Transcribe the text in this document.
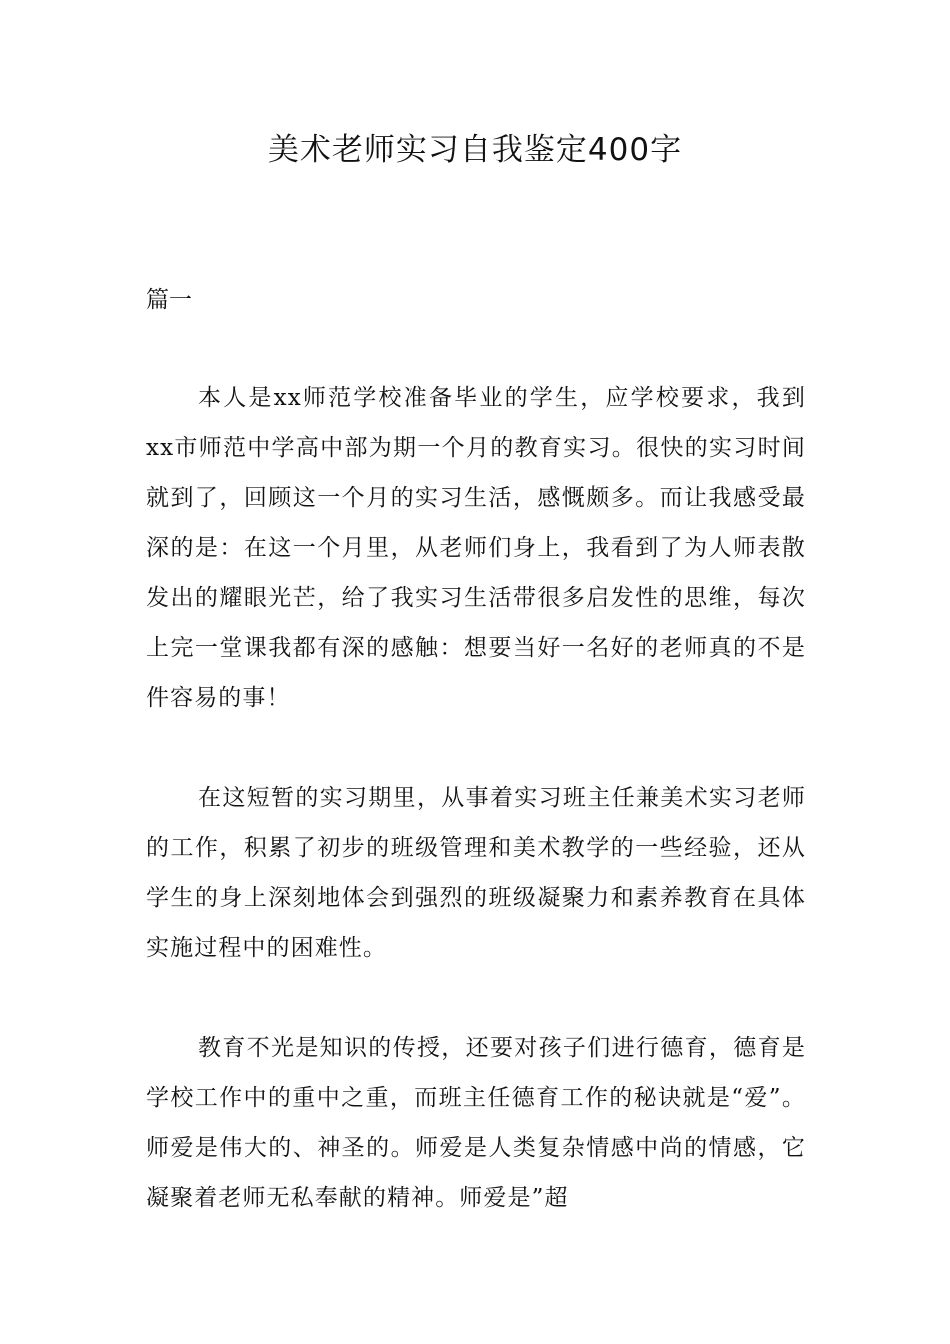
美术老师实习自我鉴定400字
篇一

本人是xx师范学校准备毕业的学生，应学校要求，我到xx市师范中学高中部为期一个月的教育实习。很快的实习时间就到了，回顾这一个月的实习生活，感慨颇多。而让我感受最深的是：在这一个月里，从老师们身上，我看到了为人师表散发出的耀眼光芒，给了我实习生活带很多启发性的思维，每次上完一堂课我都有深的感触：想要当好一名好的老师真的不是件容易的事！

在这短暂的实习期里，从事着实习班主任兼美术实习老师的工作，积累了初步的班级管理和美术教学的一些经验，还从学生的身上深刻地体会到强烈的班级凝聚力和素养教育在具体实施过程中的困难性。

教育不光是知识的传授，还要对孩子们进行德育，德育是学校工作中的重中之重，而班主任德育工作的秘诀就是“爱”。师爱是伟大的、神圣的。师爱是人类复杂情感中尚的情感，它凝聚着老师无私奉献的精神。师爱是”超
